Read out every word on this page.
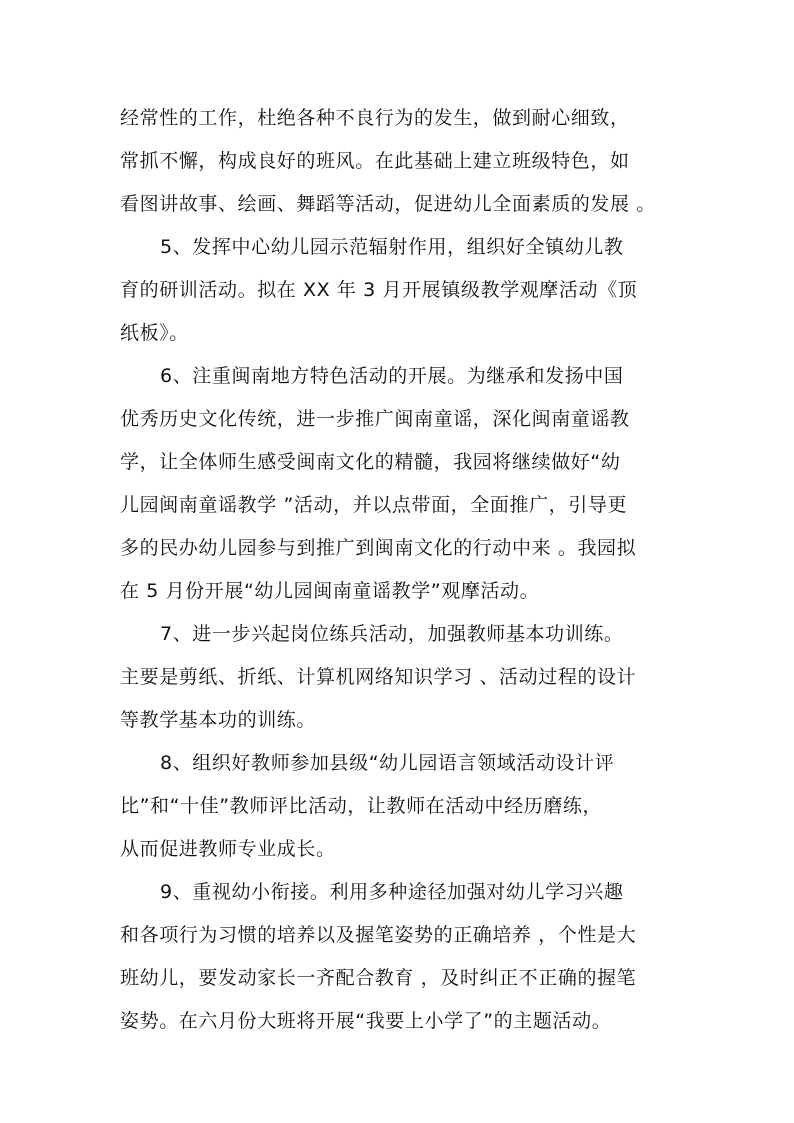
经常性的工作，杜绝各种不良行为的发生，做到耐心细致，
常抓不懈，构成良好的班风。在此基础上建立班级特色，如
看图讲故事、绘画、舞蹈等活动，促进幼儿全面素质的发展 。
5、发挥中心幼儿园示范辐射作用，组织好全镇幼儿教
育的研训活动。拟在 XX 年 3 月开展镇级教学观摩活动《顶
纸板》。
6、注重闽南地方特色活动的开展。为继承和发扬中国
优秀历史文化传统，进一步推广闽南童谣，深化闽南童谣教
学，让全体师生感受闽南文化的精髓，我园将继续做好“幼
儿园闽南童谣教学 ”活动，并以点带面，全面推广，引导更
多的民办幼儿园参与到推广到闽南文化的行动中来 。我园拟
在 5 月份开展“幼儿园闽南童谣教学”观摩活动。
7、进一步兴起岗位练兵活动，加强教师基本功训练。
主要是剪纸、折纸、计算机网络知识学习 、活动过程的设计
等教学基本功的训练。
8、组织好教师参加县级“幼儿园语言领域活动设计评
比”和“十佳”教师评比活动，让教师在活动中经历磨练，
从而促进教师专业成长。
9、重视幼小衔接。利用多种途径加强对幼儿学习兴趣
和各项行为习惯的培养以及握笔姿势的正确培养 ，个性是大
班幼儿，要发动家长一齐配合教育 ，及时纠正不正确的握笔
姿势。在六月份大班将开展“我要上小学了”的主题活动。
